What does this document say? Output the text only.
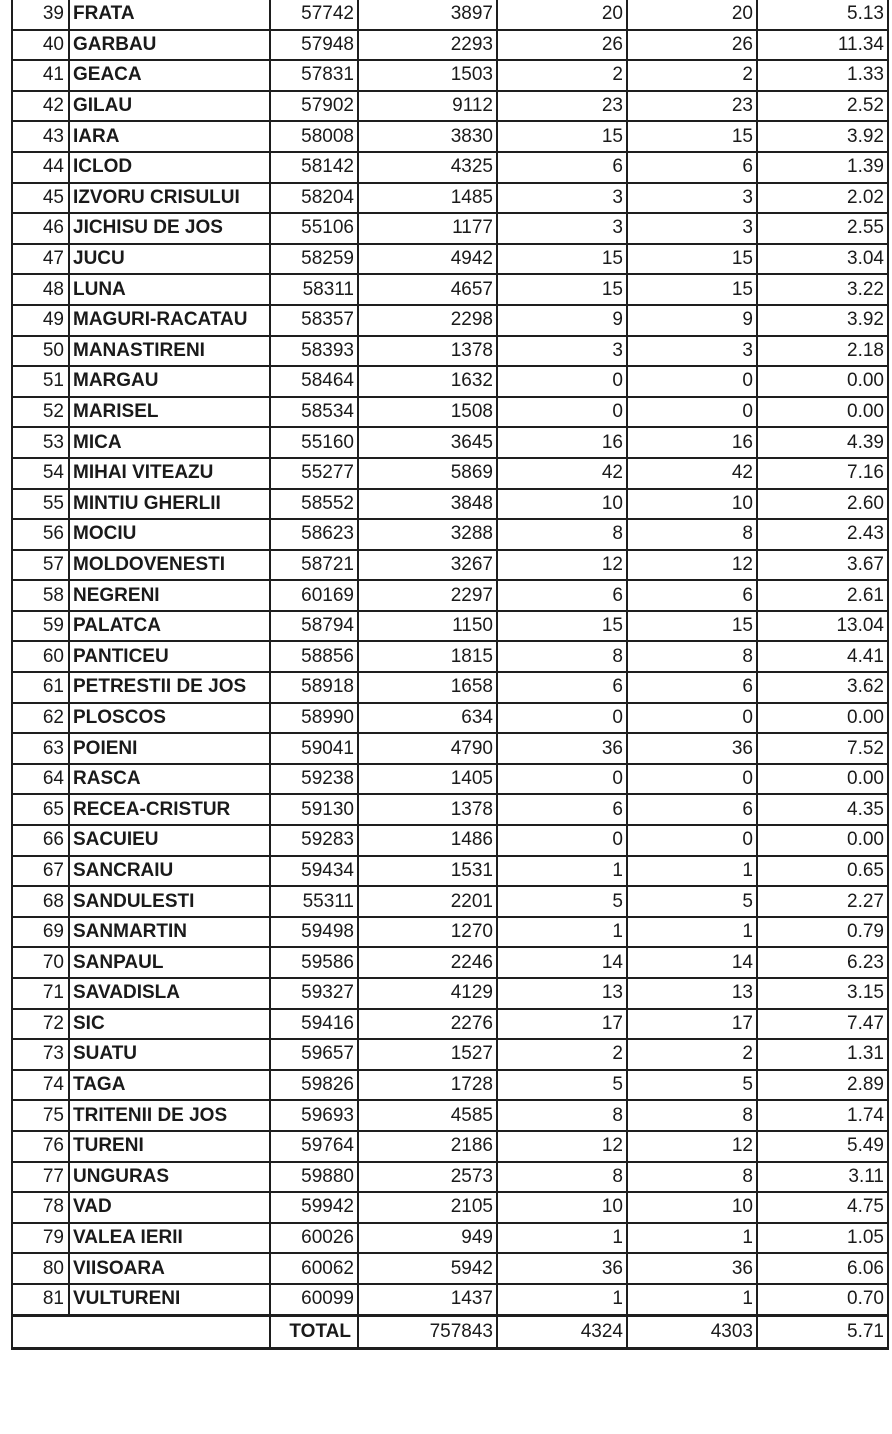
39	FRATA	57742	3897	20	20	5.13
40	GARBAU	57948	2293	26	26	11.34
41	GEACA	57831	1503	2	2	1.33
42	GILAU	57902	9112	23	23	2.52
43	IARA	58008	3830	15	15	3.92
44	ICLOD	58142	4325	6	6	1.39
45	IZVORU CRISULUI	58204	1485	3	3	2.02
46	JICHISU DE JOS	55106	1177	3	3	2.55
47	JUCU	58259	4942	15	15	3.04
48	LUNA	58311	4657	15	15	3.22
49	MAGURI-RACATAU	58357	2298	9	9	3.92
50	MANASTIRENI	58393	1378	3	3	2.18
51	MARGAU	58464	1632	0	0	0.00
52	MARISEL	58534	1508	0	0	0.00
53	MICA	55160	3645	16	16	4.39
54	MIHAI VITEAZU	55277	5869	42	42	7.16
55	MINTIU GHERLII	58552	3848	10	10	2.60
56	MOCIU	58623	3288	8	8	2.43
57	MOLDOVENESTI	58721	3267	12	12	3.67
58	NEGRENI	60169	2297	6	6	2.61
59	PALATCA	58794	1150	15	15	13.04
60	PANTICEU	58856	1815	8	8	4.41
61	PETRESTII DE JOS	58918	1658	6	6	3.62
62	PLOSCOS	58990	634	0	0	0.00
63	POIENI	59041	4790	36	36	7.52
64	RASCA	59238	1405	0	0	0.00
65	RECEA-CRISTUR	59130	1378	6	6	4.35
66	SACUIEU	59283	1486	0	0	0.00
67	SANCRAIU	59434	1531	1	1	0.65
68	SANDULESTI	55311	2201	5	5	2.27
69	SANMARTIN	59498	1270	1	1	0.79
70	SANPAUL	59586	2246	14	14	6.23
71	SAVADISLA	59327	4129	13	13	3.15
72	SIC	59416	2276	17	17	7.47
73	SUATU	59657	1527	2	2	1.31
74	TAGA	59826	1728	5	5	2.89
75	TRITENII DE JOS	59693	4585	8	8	1.74
76	TURENI	59764	2186	12	12	5.49
77	UNGURAS	59880	2573	8	8	3.11
78	VAD	59942	2105	10	10	4.75
79	VALEA IERII	60026	949	1	1	1.05
80	VIISOARA	60062	5942	36	36	6.06
81	VULTURENI	60099	1437	1	1	0.70
		TOTAL	757843	4324	4303	5.71
